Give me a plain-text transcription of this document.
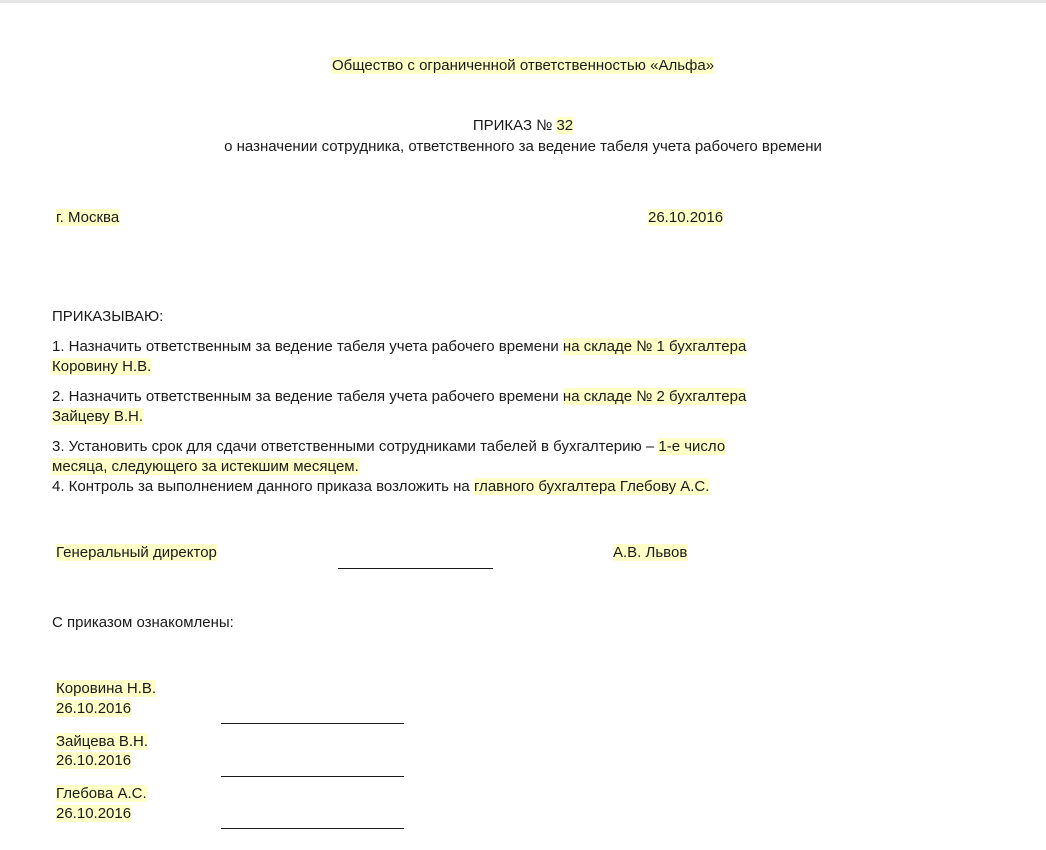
Общество с ограниченной ответственностью «Альфа»
ПРИКАЗ № 32
о назначении сотрудника, ответственного за ведение табеля учета рабочего времени
г. Москва	26.10.2016
ПРИКАЗЫВАЮ:
1. Назначить ответственным за ведение табеля учета рабочего времени на складе № 1 бухгалтера
Коровину Н.В.
2. Назначить ответственным за ведение табеля учета рабочего времени на складе № 2 бухгалтера
Зайцеву В.Н.
3. Установить срок для сдачи ответственными сотрудниками табелей в бухгалтерию – 1-е число
месяца, следующего за истекшим месяцем.
4. Контроль за выполнением данного приказа возложить на главного бухгалтера Глебову А.С.
Генеральный директор	А.В. Львов
С приказом ознакомлены:
Коровина Н.В.
26.10.2016
Зайцева В.Н.
26.10.2016
Глебова А.С.
26.10.2016
